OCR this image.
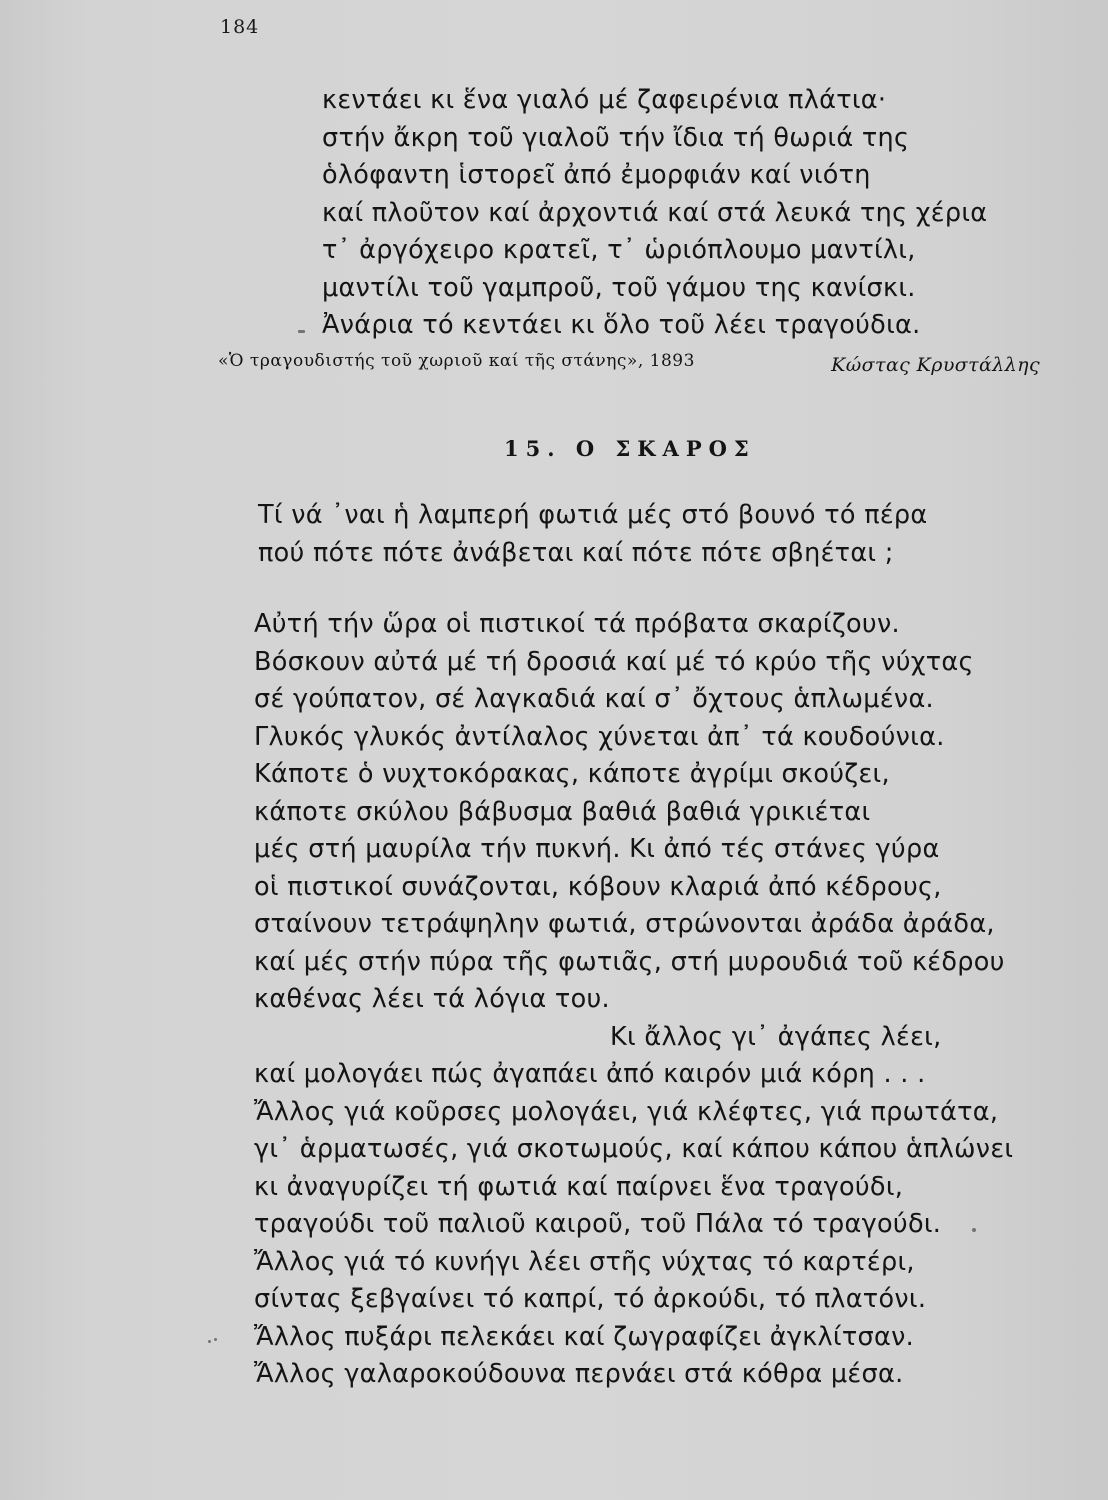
184
κεντάει κι ἕνα γιαλό μέ ζαφειρένια πλάτια·
στήν ἄκρη τοῦ γιαλοῦ τήν ἴδια τή θωριά της
ὁλόφαντη ἱστορεῖ ἀπό ἐμορφιάν καί νιότη
καί πλοῦτον καί ἀρχοντιά καί στά λευκά της χέρια
τ᾽ ἀργόχειρο κρατεῖ, τ᾽ ὡριόπλουμο μαντίλι,
μαντίλι τοῦ γαμπροῦ, τοῦ γάμου της κανίσκι.
Ἀνάρια τό κεντάει κι ὅλο τοῦ λέει τραγούδια.
«Ὁ τραγουδιστής τοῦ χωριοῦ καί τῆς στάνης», 1893	Κώστας Κρυστάλλης
15. Ο ΣΚΑΡΟΣ
Τί νά ᾽ναι ἡ λαμπερή φωτιά μές στό βουνό τό πέρα
πού πότε πότε ἀνάβεται καί πότε πότε σβηέται ;
Αὐτή τήν ὥρα οἱ πιστικοί τά πρόβατα σκαρίζουν.
Βόσκουν αὐτά μέ τή δροσιά καί μέ τό κρύο τῆς νύχτας
σέ γούπατον, σέ λαγκαδιά καί σ᾽ ὄχτους ἁπλωμένα.
Γλυκός γλυκός ἀντίλαλος χύνεται ἀπ᾽ τά κουδούνια.
Κάποτε ὁ νυχτοκόρακας, κάποτε ἀγρίμι σκούζει,
κάποτε σκύλου βάβυσμα βαθιά βαθιά γρικιέται
μές στή μαυρίλα τήν πυκνή. Κι ἀπό τές στάνες γύρα
οἱ πιστικοί συνάζονται, κόβουν κλαριά ἀπό κέδρους,
σταίνουν τετράψηλην φωτιά, στρώνονται ἀράδα ἀράδα,
καί μές στήν πύρα τῆς φωτιᾶς, στή μυρουδιά τοῦ κέδρου
καθένας λέει τά λόγια του.
Κι ἄλλος γι᾽ ἀγάπες λέει,
καί μολογάει πώς ἀγαπάει ἀπό καιρόν μιά κόρη . . .
Ἄλλος γιά κοῦρσες μολογάει, γιά κλέφτες, γιά πρωτάτα,
γι᾽ ἁρματωσές, γιά σκοτωμούς, καί κάπου κάπου ἁπλώνει
κι ἀναγυρίζει τή φωτιά καί παίρνει ἕνα τραγούδι,
τραγούδι τοῦ παλιοῦ καιροῦ, τοῦ Πάλα τό τραγούδι.
Ἄλλος γιά τό κυνήγι λέει στῆς νύχτας τό καρτέρι,
σίντας ξεβγαίνει τό καπρί, τό ἀρκούδι, τό πλατόνι.
Ἄλλος πυξάρι πελεκάει καί ζωγραφίζει ἀγκλίτσαν.
Ἄλλος γαλαροκούδουνα περνάει στά κόθρα μέσα.
